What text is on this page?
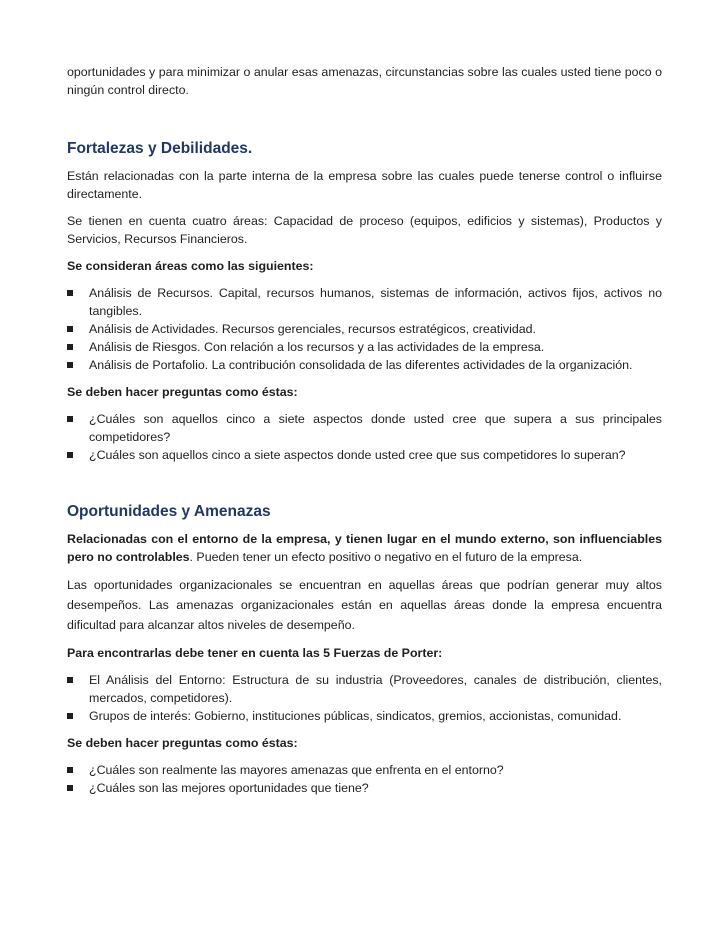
oportunidades y para minimizar o anular esas amenazas, circunstancias sobre las cuales usted tiene poco o ningún control directo.

Fortalezas y Debilidades.

Están relacionadas con la parte interna de la empresa sobre las cuales puede tenerse control o influirse directamente.

Se tienen en cuenta cuatro áreas: Capacidad de proceso (equipos, edificios y sistemas), Productos y Servicios, Recursos Financieros.

Se consideran áreas como las siguientes:

Análisis de Recursos. Capital, recursos humanos, sistemas de información, activos fijos, activos no tangibles.
Análisis de Actividades. Recursos gerenciales, recursos estratégicos, creatividad.
Análisis de Riesgos. Con relación a los recursos y a las actividades de la empresa.
Análisis de Portafolio. La contribución consolidada de las diferentes actividades de la organización.

Se deben hacer preguntas como éstas:

¿Cuáles son aquellos cinco a siete aspectos donde usted cree que supera a sus principales competidores?
¿Cuáles son aquellos cinco a siete aspectos donde usted cree que sus competidores lo superan?
Oportunidades y Amenazas

Relacionadas con el entorno de la empresa, y tienen lugar en el mundo externo, son influenciables pero no controlables. Pueden tener un efecto positivo o negativo en el futuro de la empresa.

Las oportunidades organizacionales se encuentran en aquellas áreas que podrían generar muy altos desempeños. Las amenazas organizacionales están en aquellas áreas donde la empresa encuentra dificultad para alcanzar altos niveles de desempeño.

Para encontrarlas debe tener en cuenta las 5 Fuerzas de Porter:

El Análisis del Entorno: Estructura de su industria (Proveedores, canales de distribución, clientes, mercados, competidores).
Grupos de interés: Gobierno, instituciones públicas, sindicatos, gremios, accionistas, comunidad.

Se deben hacer preguntas como éstas:

¿Cuáles son realmente las mayores amenazas que enfrenta en el entorno?
¿Cuáles son las mejores oportunidades que tiene?
